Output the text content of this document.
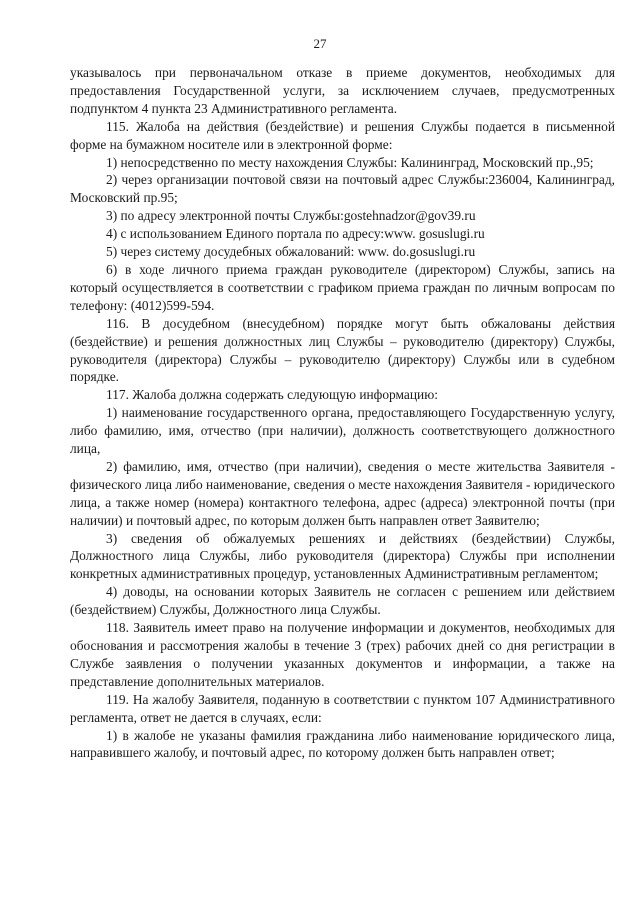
27

указывалось при первоначальном отказе в приеме документов, необходимых для предоставления Государственной услуги, за исключением случаев, предусмотренных подпунктом 4 пункта 23 Административного регламента.

115. Жалоба на действия (бездействие) и решения Службы подается в письменной форме на бумажном носителе или в электронной форме:

1) непосредственно по месту нахождения Службы: Калининград, Московский пр.,95;

2) через организации почтовой связи на почтовый адрес Службы:236004, Калининград, Московский пр.95;

3) по адресу электронной почты Службы:gostehnadzor@gov39.ru

4) с использованием Единого портала по адресу:www. gosuslugi.ru

5) через систему досудебных обжалований: www. do.gosuslugi.ru

6) в ходе личного приема граждан руководителе (директором) Службы, запись на который осуществляется в соответствии с графиком приема граждан по личным вопросам по телефону: (4012)599-594.

116. В досудебном (внесудебном) порядке могут быть обжалованы действия (бездействие) и решения должностных лиц Службы – руководителю (директору) Службы, руководителя (директора) Службы – руководителю (директору) Службы или в судебном порядке.

117. Жалоба должна содержать следующую информацию:

1) наименование государственного органа, предоставляющего Государственную услугу, либо фамилию, имя, отчество (при наличии), должность соответствующего должностного лица,

2) фамилию, имя, отчество (при наличии), сведения о месте жительства Заявителя - физического лица либо наименование, сведения о месте нахождения Заявителя - юридического лица, а также номер (номера) контактного телефона, адрес (адреса) электронной почты (при наличии) и почтовый адрес, по которым должен быть направлен ответ Заявителю;

3) сведения об обжалуемых решениях и действиях (бездействии) Службы, Должностного лица Службы, либо руководителя (директора) Службы при исполнении конкретных административных процедур, установленных Административным регламентом;

4) доводы, на основании которых Заявитель не согласен с решением или действием (бездействием) Службы, Должностного лица Службы.

118. Заявитель имеет право на получение информации и документов, необходимых для обоснования и рассмотрения жалобы в течение 3 (трех) рабочих дней со дня регистрации в Службе заявления о получении указанных документов и информации, а также на представление дополнительных материалов.

119. На жалобу Заявителя, поданную в соответствии с пунктом 107 Административного регламента, ответ не дается в случаях, если:

1) в жалобе не указаны фамилия гражданина либо наименование юридического лица, направившего жалобу, и почтовый адрес, по которому должен быть направлен ответ;
